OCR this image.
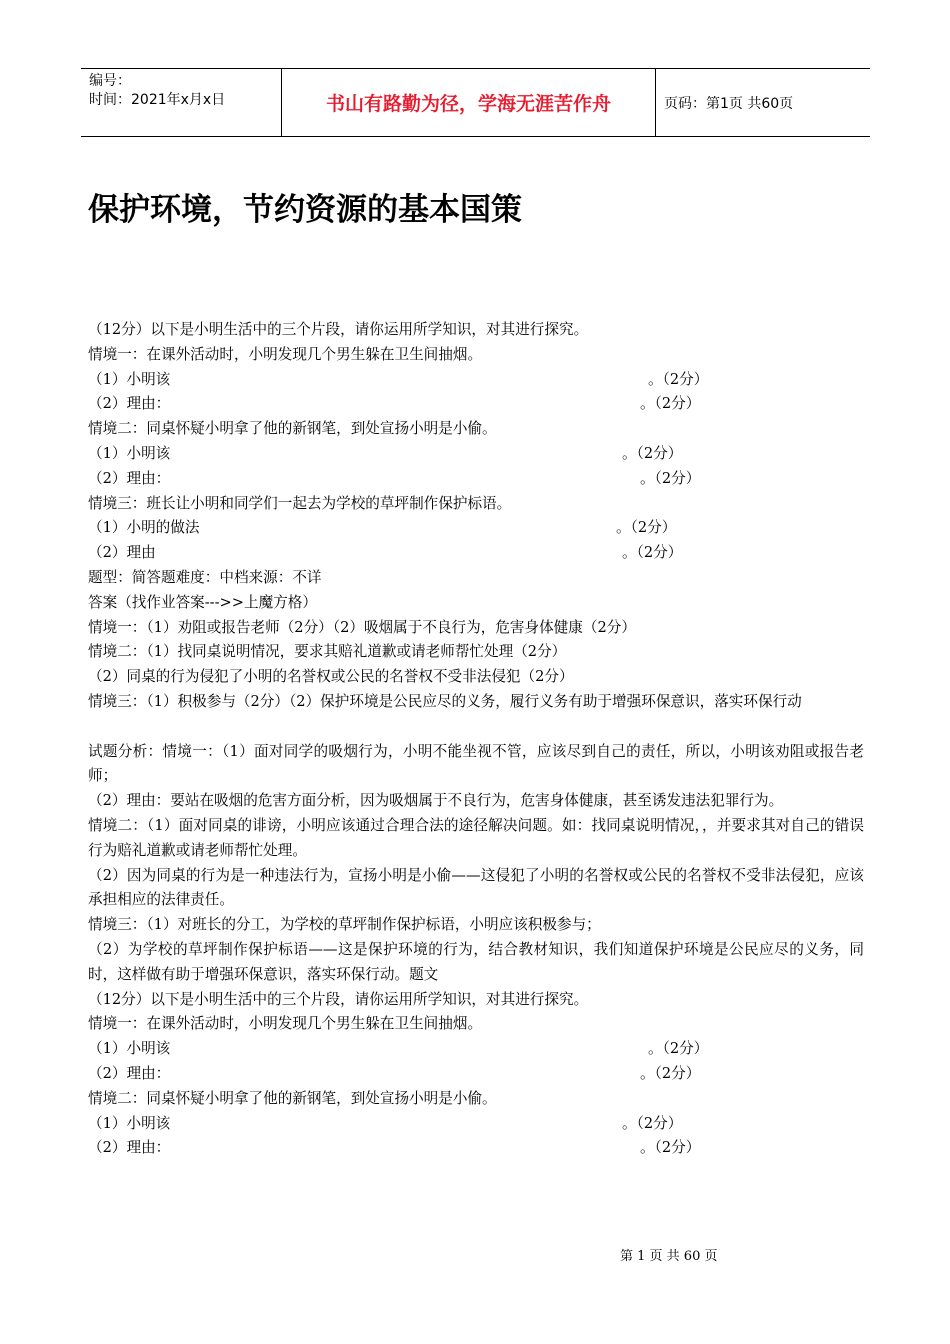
编号：
时间：2021年x月x日	书山有路勤为径，学海无涯苦作舟	页码：第1页 共60页
保护环境，节约资源的基本国策
（12分）以下是小明生活中的三个片段，请你运用所学知识，对其进行探究。
情境一：在课外活动时，小明发现几个男生躲在卫生间抽烟。
（1）小明该	。（2分）
（2）理由：	。（2分）
情境二：同桌怀疑小明拿了他的新钢笔，到处宣扬小明是小偷。
（1）小明该	。（2分）
（2）理由：	。（2分）
情境三：班长让小明和同学们一起去为学校的草坪制作保护标语。
（1）小明的做法	。（2分）
（2）理由	。（2分）
题型：简答题难度：中档来源：不详
答案（找作业答案--->>上魔方格）
情境一：（1）劝阻或报告老师（2分）（2）吸烟属于不良行为，危害身体健康（2分）
情境二：（1）找同桌说明情况，要求其赔礼道歉或请老师帮忙处理（2分）
（2）同桌的行为侵犯了小明的名誉权或公民的名誉权不受非法侵犯（2分）
情境三：（1）积极参与（2分）（2）保护环境是公民应尽的义务，履行义务有助于增强环保意识，落实环保行动
试题分析：情境一：（1）面对同学的吸烟行为，小明不能坐视不管，应该尽到自己的责任，所以，小明该劝阻或报告老师；
（2）理由：要站在吸烟的危害方面分析，因为吸烟属于不良行为，危害身体健康，甚至诱发违法犯罪行为。
情境二：（1）面对同桌的诽谤，小明应该通过合理合法的途径解决问题。如：找同桌说明情况，，并要求其对自己的错误行为赔礼道歉或请老师帮忙处理。
（2）因为同桌的行为是一种违法行为，宣扬小明是小偷——这侵犯了小明的名誉权或公民的名誉权不受非法侵犯，应该承担相应的法律责任。
情境三：（1）对班长的分工，为学校的草坪制作保护标语，小明应该积极参与；
（2）为学校的草坪制作保护标语——这是保护环境的行为，结合教材知识，我们知道保护环境是公民应尽的义务，同时，这样做有助于增强环保意识，落实环保行动。题文
（12分）以下是小明生活中的三个片段，请你运用所学知识，对其进行探究。
情境一：在课外活动时，小明发现几个男生躲在卫生间抽烟。
（1）小明该	。（2分）
（2）理由：	。（2分）
情境二：同桌怀疑小明拿了他的新钢笔，到处宣扬小明是小偷。
（1）小明该	。（2分）
（2）理由：	。（2分）
第 1 页 共 60 页
